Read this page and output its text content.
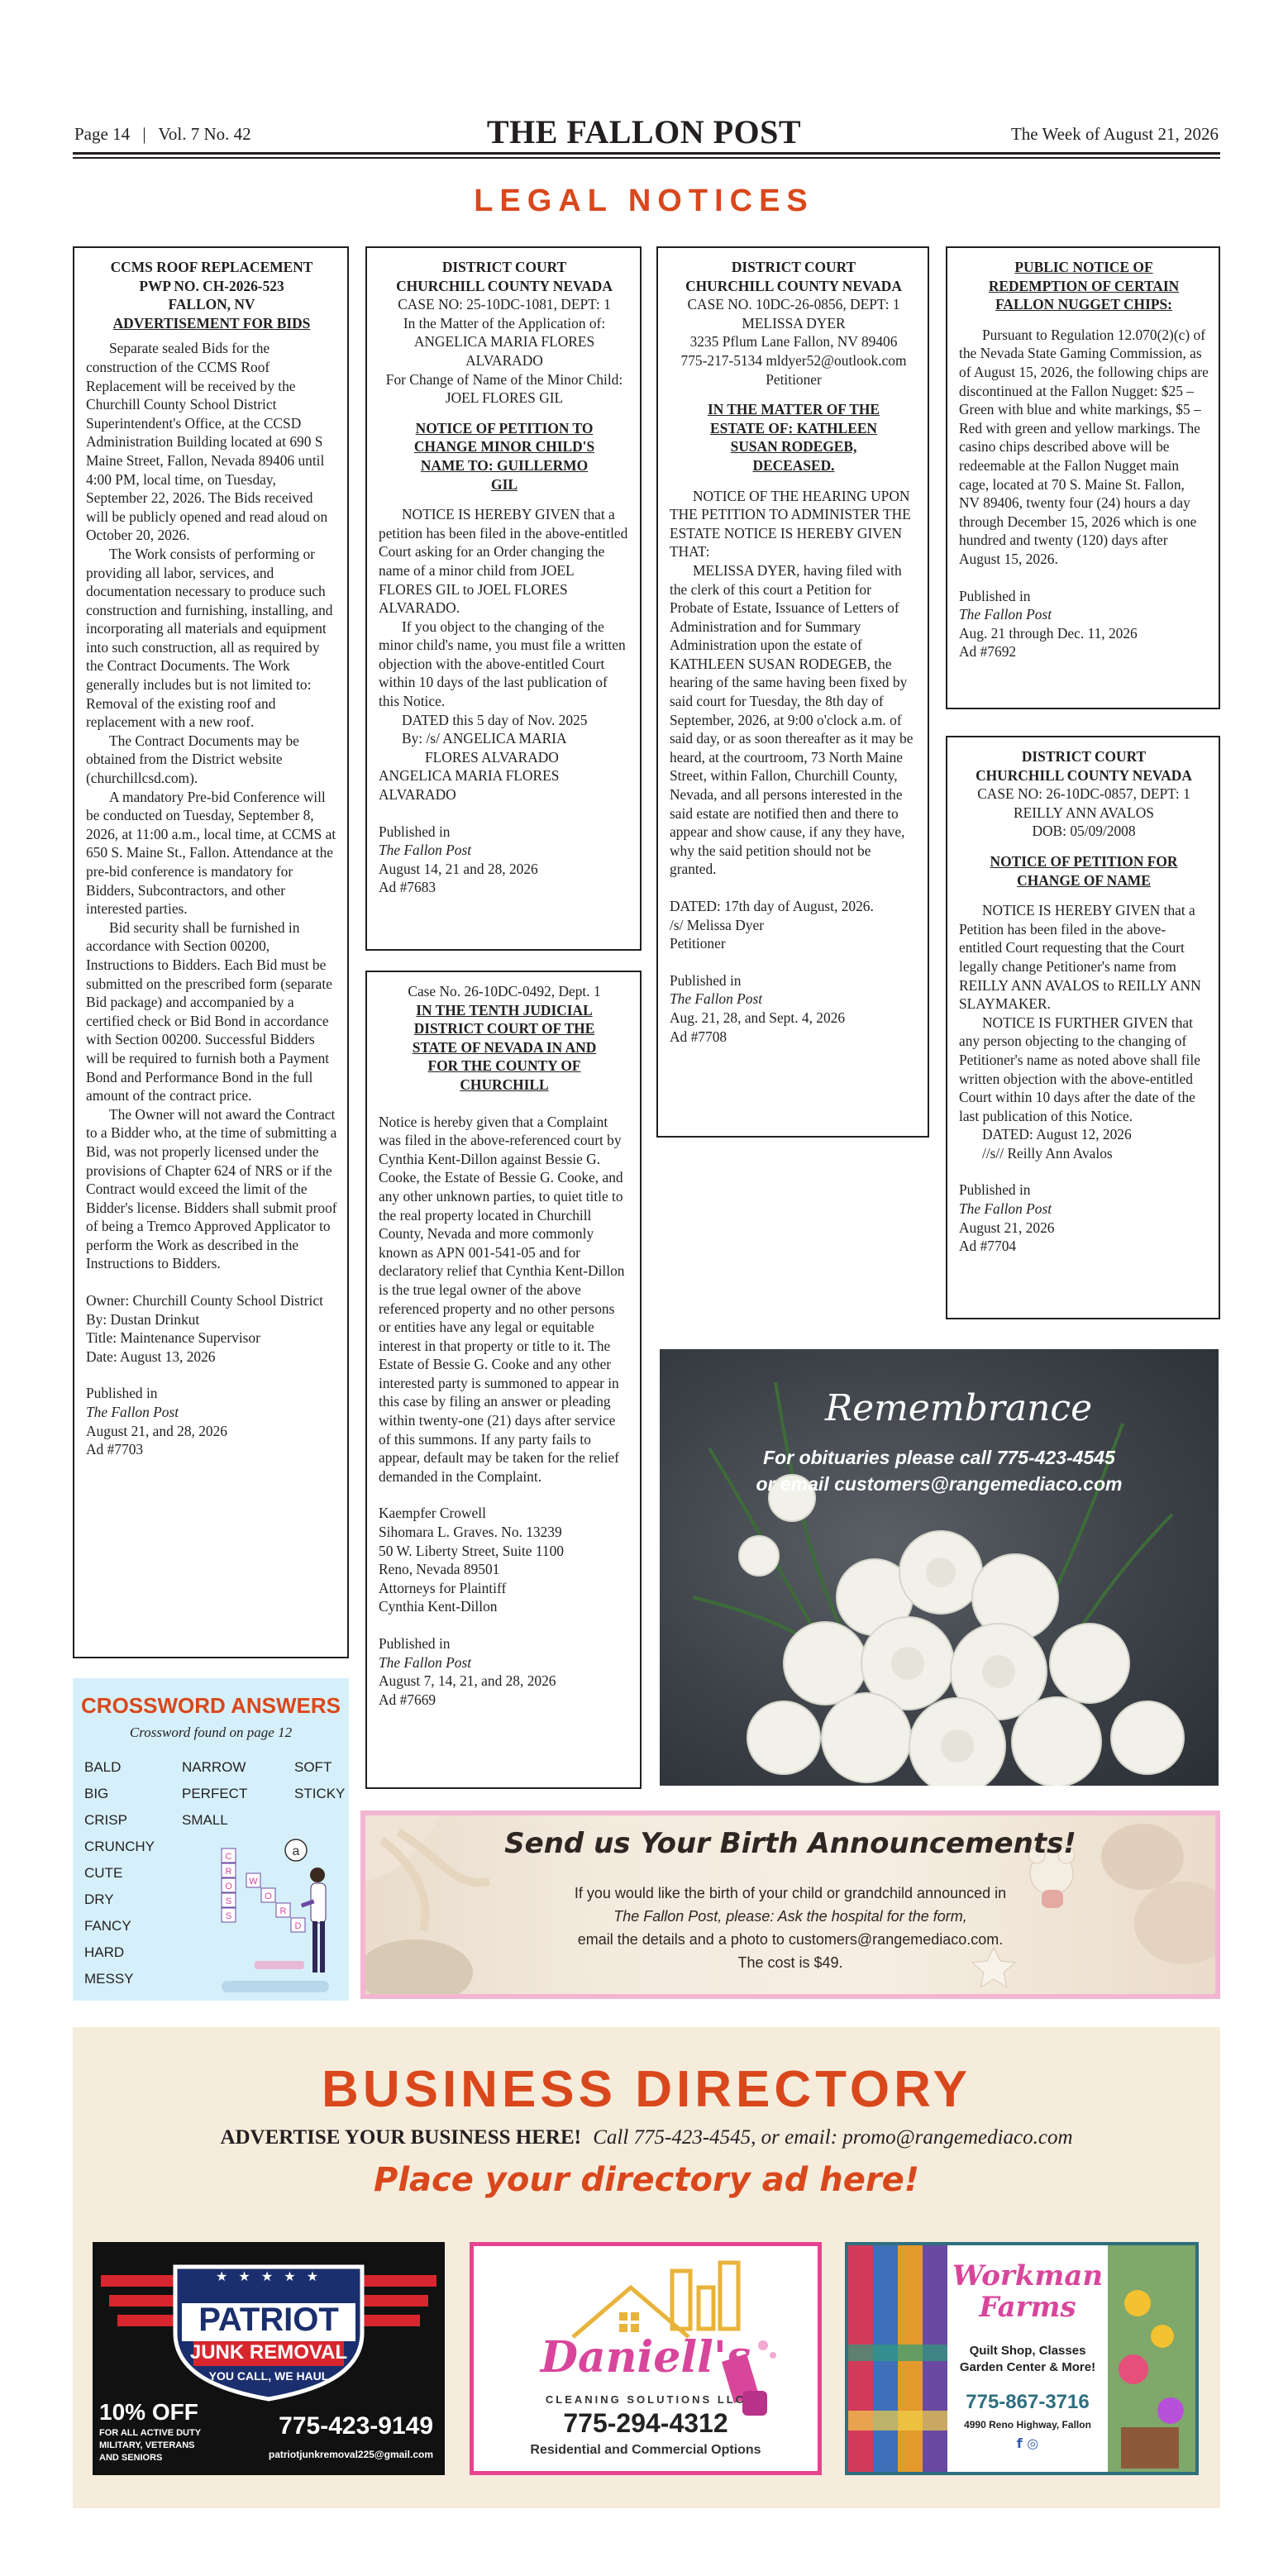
Page 14 | Vol. 7 No. 42	THE FALLON POST	The Week of August 21, 2026
LEGAL NOTICES
CCMS ROOF REPLACEMENT
PWP NO. CH-2026-523
FALLON, NV
ADVERTISEMENT FOR BIDS
Separate sealed Bids for the construction of the CCMS Roof Replacement will be received by the Churchill County School District Superintendent's Office, at the CCSD Administration Building located at 690 S Maine Street, Fallon, Nevada 89406 until 4:00 PM, local time, on Tuesday, September 22, 2026. The Bids received will be publicly opened and read aloud on October 20, 2026.
The Work consists of performing or providing all labor, services, and documentation necessary to produce such construction and furnishing, installing, and incorporating all materials and equipment into such construction, all as required by the Contract Documents. The Work generally includes but is not limited to: Removal of the existing roof and replacement with a new roof.
The Contract Documents may be obtained from the District website (churchillcsd.com).
A mandatory Pre-bid Conference will be conducted on Tuesday, September 8, 2026, at 11:00 a.m., local time, at CCMS at 650 S. Maine St., Fallon. Attendance at the pre-bid conference is mandatory for Bidders, Subcontractors, and other interested parties.
Bid security shall be furnished in accordance with Section 00200, Instructions to Bidders. Each Bid must be submitted on the prescribed form (separate Bid package) and accompanied by a certified check or Bid Bond in accordance with Section 00200. Successful Bidders will be required to furnish both a Payment Bond and Performance Bond in the full amount of the contract price.
The Owner will not award the Contract to a Bidder who, at the time of submitting a Bid, was not properly licensed under the provisions of Chapter 624 of NRS or if the Contract would exceed the limit of the Bidder's license. Bidders shall submit proof of being a Tremco Approved Applicator to perform the Work as described in the Instructions to Bidders.
Owner: Churchill County School District
By: Dustan Drinkut
Title: Maintenance Supervisor
Date: August 13, 2026
Published in
The Fallon Post
August 21, and 28, 2026
Ad #7703
DISTRICT COURT
CHURCHILL COUNTY NEVADA
CASE NO: 25-10DC-1081, DEPT: 1
In the Matter of the Application of:
ANGELICA MARIA FLORES ALVARADO
For Change of Name of the Minor Child: JOEL FLORES GIL
NOTICE OF PETITION TO CHANGE MINOR CHILD'S NAME TO: GUILLERMO GIL
NOTICE IS HEREBY GIVEN that a petition has been filed in the above-entitled Court asking for an Order changing the name of a minor child from JOEL FLORES GIL to JOEL FLORES ALVARADO.
If you object to the changing of the minor child's name, you must file a written objection with the above-entitled Court within 10 days of the last publication of this Notice.
DATED this 5 day of Nov. 2025
By: /s/ ANGELICA MARIA
FLORES ALVARADO
ANGELICA MARIA FLORES ALVARADO
Published in
The Fallon Post
August 14, 21 and 28, 2026
Ad #7683
Case No. 26-10DC-0492, Dept. 1
IN THE TENTH JUDICIAL DISTRICT COURT OF THE STATE OF NEVADA IN AND FOR THE COUNTY OF CHURCHILL
Notice is hereby given that a Complaint was filed in the above-referenced court by Cynthia Kent-Dillon against Bessie G. Cooke, the Estate of Bessie G. Cooke, and any other unknown parties, to quiet title to the real property located in Churchill County, Nevada and more commonly known as APN 001-541-05 and for declaratory relief that Cynthia Kent-Dillon is the true legal owner of the above referenced property and no other persons or entities have any legal or equitable interest in that property or title to it. The Estate of Bessie G. Cooke and any other interested party is summoned to appear in this case by filing an answer or pleading within twenty-one (21) days after service of this summons. If any party fails to appear, default may be taken for the relief demanded in the Complaint.
Kaempfer Crowell
Sihomara L. Graves. No. 13239
50 W. Liberty Street, Suite 1100
Reno, Nevada 89501
Attorneys for Plaintiff
Cynthia Kent-Dillon
Published in
The Fallon Post
August 7, 14, 21, and 28, 2026
Ad #7669
DISTRICT COURT
CHURCHILL COUNTY NEVADA
CASE NO. 10DC-26-0856, DEPT: 1
MELISSA DYER
3235 Pflum Lane Fallon, NV 89406
775-217-5134 mldyer52@outlook.com
Petitioner
IN THE MATTER OF THE ESTATE OF: KATHLEEN SUSAN RODEGEB, DECEASED.
NOTICE OF THE HEARING UPON THE PETITION TO ADMINISTER THE ESTATE NOTICE IS HEREBY GIVEN THAT:
MELISSA DYER, having filed with the clerk of this court a Petition for Probate of Estate, Issuance of Letters of Administration and for Summary Administration upon the estate of KATHLEEN SUSAN RODEGEB, the hearing of the same having been fixed by said court for Tuesday, the 8th day of September, 2026, at 9:00 o'clock a.m. of said day, or as soon thereafter as it may be heard, at the courtroom, 73 North Maine Street, within Fallon, Churchill County, Nevada, and all persons interested in the said estate are notified then and there to appear and show cause, if any they have, why the said petition should not be granted.
DATED: 17th day of August, 2026.
/s/ Melissa Dyer
Petitioner
Published in
The Fallon Post
Aug. 21, 28, and Sept. 4, 2026
Ad #7708
PUBLIC NOTICE OF REDEMPTION OF CERTAIN FALLON NUGGET CHIPS:
Pursuant to Regulation 12.070(2)(c) of the Nevada State Gaming Commission, as of August 15, 2026, the following chips are discontinued at the Fallon Nugget: $25 – Green with blue and white markings, $5 – Red with green and yellow markings. The casino chips described above will be redeemable at the Fallon Nugget main cage, located at 70 S. Maine St. Fallon, NV 89406, twenty four (24) hours a day through December 15, 2026 which is one hundred and twenty (120) days after August 15, 2026.
Published in
The Fallon Post
Aug. 21 through Dec. 11, 2026
Ad #7692
DISTRICT COURT
CHURCHILL COUNTY NEVADA
CASE NO: 26-10DC-0857, DEPT: 1
REILLY ANN AVALOS
DOB: 05/09/2008
NOTICE OF PETITION FOR CHANGE OF NAME
NOTICE IS HEREBY GIVEN that a Petition has been filed in the above-entitled Court requesting that the Court legally change Petitioner's name from REILLY ANN AVALOS to REILLY ANN SLAYMAKER.
NOTICE IS FURTHER GIVEN that any person objecting to the changing of Petitioner's name as noted above shall file written objection with the above-entitled Court within 10 days after the date of the last publication of this Notice.
DATED: August 12, 2026
//s// Reilly Ann Avalos
Published in
The Fallon Post
August 21, 2026
Ad #7704
CROSSWORD ANSWERS
Crossword found on page 12
BALD
BIG
CRISP
CRUNCHY
CUTE
DRY
FANCY
HARD
MESSY
NARROW
PERFECT
SMALL
SOFT
STICKY
W
O
R
D
C
R
O
S
S
a
Remembrance
For obituaries please call 775-423-4545
or email customers@rangemediaco.com
Send us Your Birth Announcements!
If you would like the birth of your child or grandchild announced in
The Fallon Post, please: Ask the hospital for the form,
email the details and a photo to customers@rangemediaco.com.
The cost is $49.
BUSINESS DIRECTORY
ADVERTISE YOUR BUSINESS HERE! Call 775-423-4545, or email: promo@rangemediaco.com
Place your directory ad here!
★ ★ ★ ★ ★
PATRIOT
JUNK REMOVAL
YOU CALL, WE HAUL
10% OFF
FOR ALL ACTIVE DUTY
MILITARY, VETERANS
AND SENIORS
775-423-9149
patriotjunkremoval225@gmail.com
Daniell's
CLEANING SOLUTIONS LLC
775-294-4312
Residential and Commercial Options
Workman
Farms
Quilt Shop, Classes
Garden Center & More!
775-867-3716
4990 Reno Highway, Fallon
f ◎
